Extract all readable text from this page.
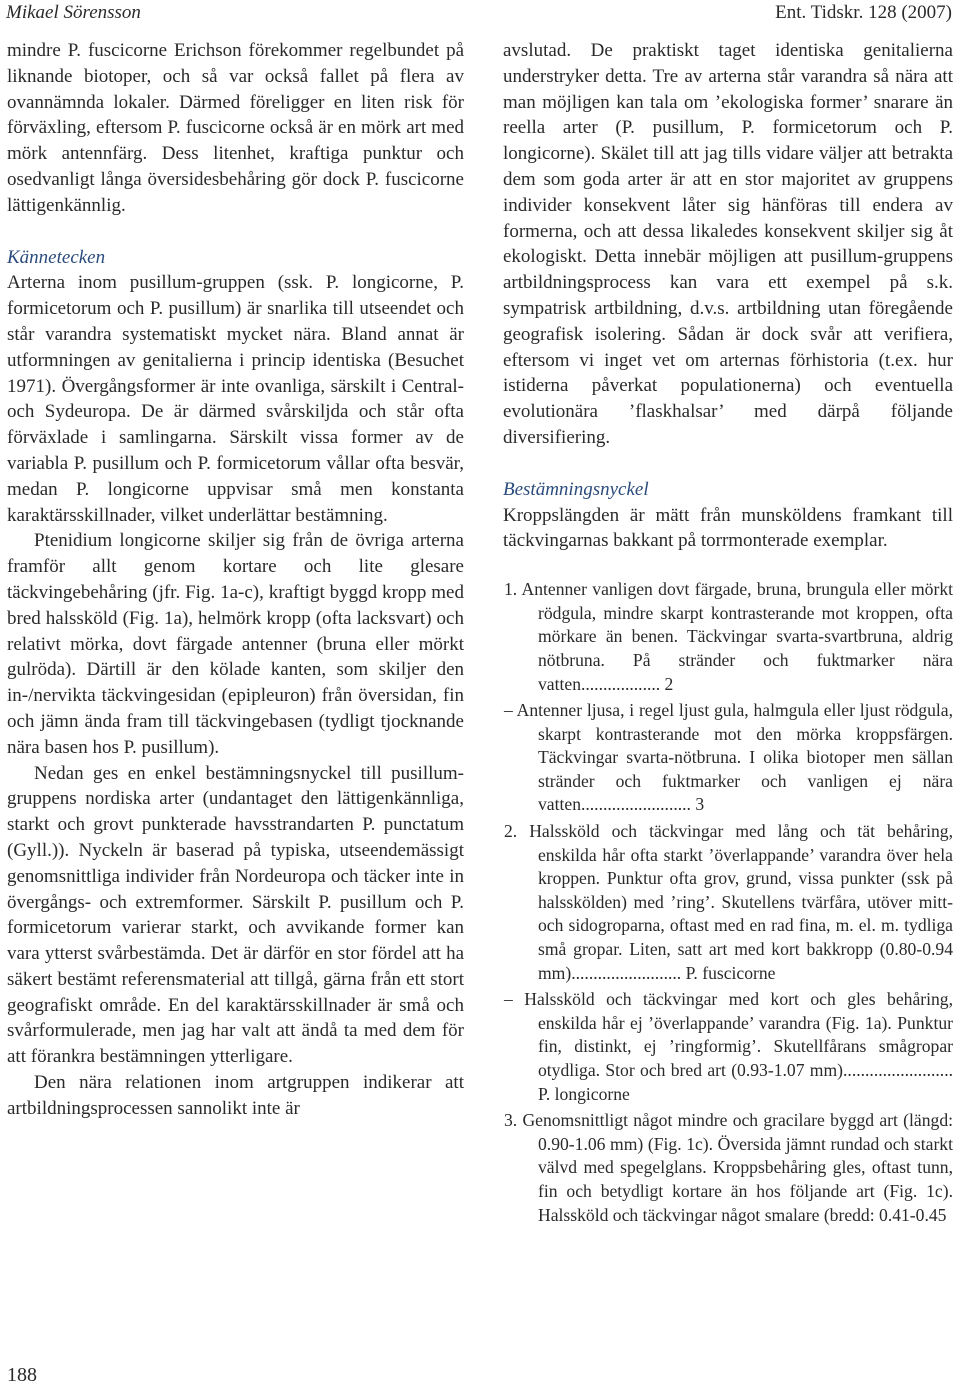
Mikael Sörensson	Ent. Tidskr. 128 (2007)

mindre P. fuscicorne Erichson förekommer regelbundet på liknande biotoper, och så var också fallet på flera av ovannämnda lokaler. Därmed föreligger en liten risk för förväxling, eftersom P. fuscicorne också är en mörk art med mörk antennfärg. Dess litenhet, kraftiga punktur och osedvanligt långa översidesbehåring gör dock P. fuscicorne lättigenkännlig.

Kännetecken

Arterna inom pusillum-gruppen (ssk. P. longicorne, P. formicetorum och P. pusillum) är snarlika till utseendet och står varandra systematiskt mycket nära. Bland annat är utformningen av genitalierna i princip identiska (Besuchet 1971). Övergångsformer är inte ovanliga, särskilt i Central- och Sydeuropa. De är därmed svårskiljda och står ofta förväxlade i samlingarna. Särskilt vissa former av de variabla P. pusillum och P. formicetorum vållar ofta besvär, medan P. longicorne uppvisar små men konstanta karaktärsskillnader, vilket underlättar bestämning.

Ptenidium longicorne skiljer sig från de övriga arterna framför allt genom kortare och lite glesare täckvingebehåring (jfr. Fig. 1a-c), kraftigt byggd kropp med bred halssköld (Fig. 1a), helmörk kropp (ofta lacksvart) och relativt mörka, dovt färgade antenner (bruna eller mörkt gulröda). Därtill är den kölade kanten, som skiljer den in-/nervikta täckvingesidan (epipleuron) från översidan, fin och jämn ända fram till täckvingebasen (tydligt tjocknande nära basen hos P. pusillum).

Nedan ges en enkel bestämningsnyckel till pusillum-gruppens nordiska arter (undantaget den lättigenkännliga, starkt och grovt punkterade havsstrandarten P. punctatum (Gyll.)). Nyckeln är baserad på typiska, utseendemässigt genomsnittliga individer från Nordeuropa och täcker inte in övergångs- och extremformer. Särskilt P. pusillum och P. formicetorum varierar starkt, och avvikande former kan vara ytterst svårbestämda. Det är därför en stor fördel att ha säkert bestämt referensmaterial att tillgå, gärna från ett stort geografiskt område. En del karaktärsskillnader är små och svårformulerade, men jag har valt att ändå ta med dem för att förankra bestämningen ytterligare.

Den nära relationen inom artgruppen indikerar att artbildningsprocessen sannolikt inte är

avslutad. De praktiskt taget identiska genitalierna understryker detta. Tre av arterna står varandra så nära att man möjligen kan tala om ’ekologiska former’ snarare än reella arter (P. pusillum, P. formicetorum och P. longicorne). Skälet till att jag tills vidare väljer att betrakta dem som goda arter är att en stor majoritet av gruppens individer konsekvent låter sig hänföras till endera av formerna, och att dessa likaledes konsekvent skiljer sig åt ekologiskt. Detta innebär möjligen att pusillum-gruppens artbildningsprocess kan vara ett exempel på s.k. sympatrisk artbildning, d.v.s. artbildning utan föregående geografisk isolering. Sådan är dock svår att verifiera, eftersom vi inget vet om arternas förhistoria (t.ex. hur istiderna påverkat populationerna) och eventuella evolutionära ’flaskhalsar’ med därpå följande diversifiering.

Bestämningsnyckel

Kroppslängden är mätt från munsköldens framkant till täckvingarnas bakkant på torrmonterade exemplar.

1. Antenner vanligen dovt färgade, bruna, brungula eller mörkt rödgula, mindre skarpt kontrasterande mot kroppen, ofta mörkare än benen. Täckvingar svarta-svartbruna, aldrig nötbruna. På stränder och fuktmarker nära vatten.................. 2

– Antenner ljusa, i regel ljust gula, halmgula eller ljust rödgula, skarpt kontrasterande mot den mörka kroppsfärgen. Täckvingar svarta-nötbruna. I olika biotoper men sällan stränder och fuktmarker och vanligen ej nära vatten......................... 3

2. Halssköld och täckvingar med lång och tät behåring, enskilda hår ofta starkt ’överlappande’ varandra över hela kroppen. Punktur ofta grov, grund, vissa punkter (ssk på halsskölden) med ’ring’. Skutellens tvärfåra, utöver mitt- och sidogroparna, oftast med en rad fina, m. el. m. tydliga små gropar. Liten, satt art med kort bakkropp (0.80-0.94 mm)......................... P. fuscicorne

– Halssköld och täckvingar med kort och gles behåring, enskilda hår ej ’överlappande’ varandra (Fig. 1a). Punktur fin, distinkt, ej ’ringformig’. Skutellfårans smågropar otydliga. Stor och bred art (0.93-1.07 mm)......................... P. longicorne

3. Genomsnittligt något mindre och gracilare byggd art (längd: 0.90-1.06 mm) (Fig. 1c). Översida jämnt rundad och starkt välvd med spegelglans. Kroppsbehåring gles, oftast tunn, fin och betydligt kortare än hos följande art (Fig. 1c). Halssköld och täckvingar något smalare (bredd: 0.41-0.45

188
